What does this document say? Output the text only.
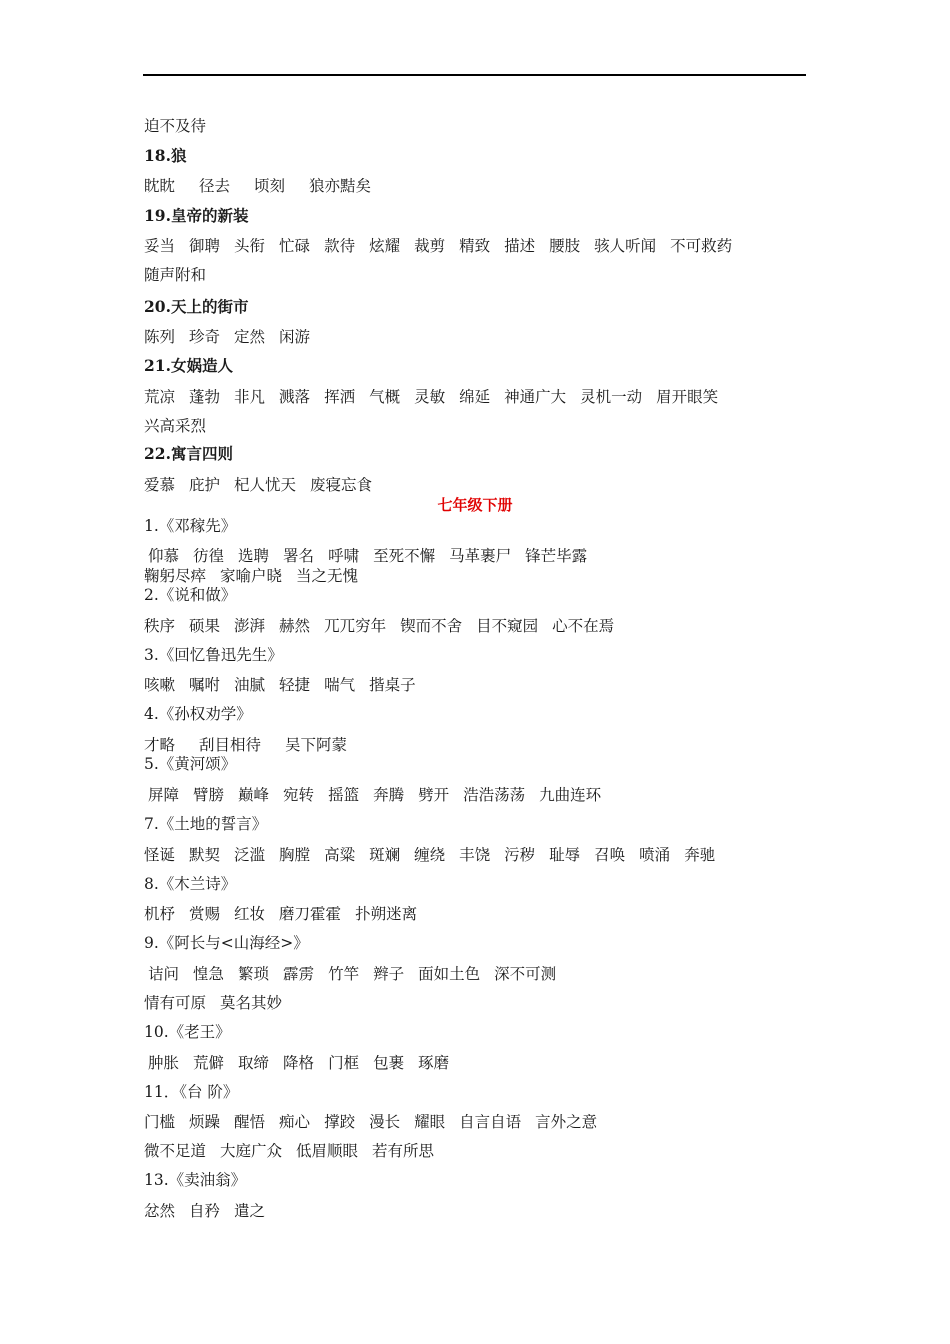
迫不及待
18.狼
眈眈 径去 顷刻 狼亦黠矣
19.皇帝的新装
妥当 御聘 头衔 忙碌 款待 炫耀 裁剪 精致 描述 腰肢 骇人听闻 不可救药
随声附和
20.天上的街市
陈列 珍奇 定然 闲游
21.女娲造人
荒凉 蓬勃 非凡 溅落 挥洒 气概 灵敏 绵延 神通广大 灵机一动 眉开眼笑
兴高采烈
22.寓言四则
爱慕 庇护 杞人忧天 废寝忘食
七年级下册
1.《邓稼先》
仰慕 彷徨 选聘 署名 呼啸 至死不懈 马革裹尸 锋芒毕露
鞠躬尽瘁 家喻户晓 当之无愧
2.《说和做》
秩序 硕果 澎湃 赫然 兀兀穷年 锲而不舍 目不窥园 心不在焉
3.《回忆鲁迅先生》
咳嗽 嘱咐 油腻 轻捷 喘气 揩桌子
4.《孙权劝学》
才略 刮目相待 吴下阿蒙
5.《黄河颂》
屏障 臂膀 巅峰 宛转 摇篮 奔腾 劈开 浩浩荡荡 九曲连环
7.《土地的誓言》
怪诞 默契 泛滥 胸膛 高粱 斑斓 缠绕 丰饶 污秽 耻辱 召唤 喷涌 奔驰
8.《木兰诗》
机杼 赏赐 红妆 磨刀霍霍 扑朔迷离
9.《阿长与<山海经>》
诘问 惶急 繁琐 霹雳 竹竿 辫子 面如土色 深不可测
情有可原 莫名其妙
10.《老王》
肿胀 荒僻 取缔 降格 门框 包裹 琢磨
11．《台 阶》
门槛 烦躁 醒悟 痴心 撑跤 漫长 耀眼 自言自语 言外之意
微不足道 大庭广众 低眉顺眼 若有所思
13.《卖油翁》
忿然 自矜 遣之
